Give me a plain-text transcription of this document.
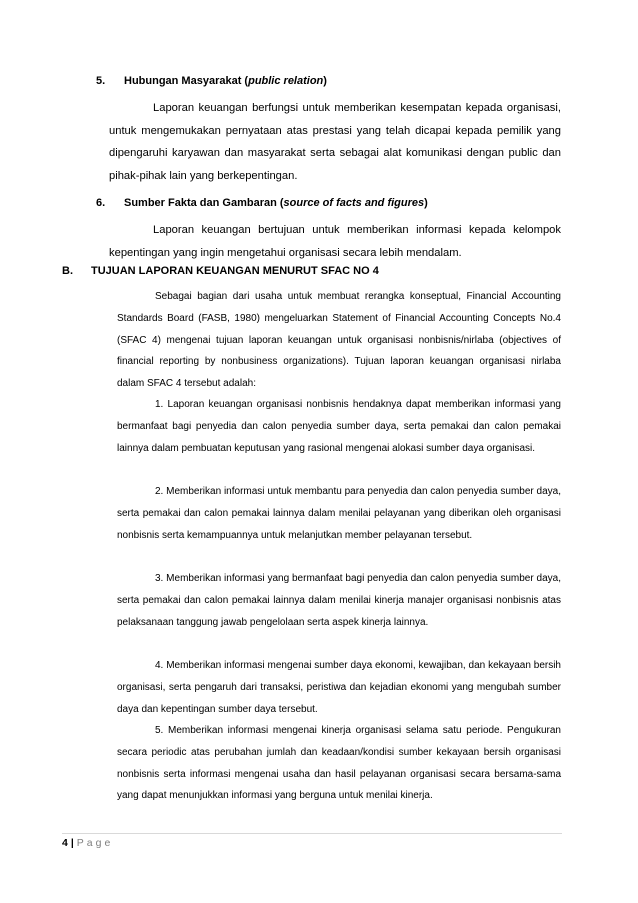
5. Hubungan Masyarakat (public relation)

Laporan keuangan berfungsi untuk memberikan kesempatan kepada organisasi, untuk mengemukakan pernyataan atas prestasi yang telah dicapai kepada pemilik yang dipengaruhi karyawan dan masyarakat serta sebagai alat komunikasi dengan public dan pihak-pihak lain yang berkepentingan.

6. Sumber Fakta dan Gambaran (source of facts and figures)

Laporan keuangan bertujuan untuk memberikan informasi kepada kelompok kepentingan yang ingin mengetahui organisasi secara lebih mendalam.

B. TUJUAN LAPORAN KEUANGAN MENURUT SFAC NO 4

Sebagai bagian dari usaha untuk membuat rerangka konseptual, Financial Accounting Standards Board (FASB, 1980) mengeluarkan Statement of Financial Accounting Concepts No.4 (SFAC 4) mengenai tujuan laporan keuangan untuk organisasi nonbisnis/nirlaba (objectives of financial reporting by nonbusiness organizations). Tujuan laporan keuangan organisasi nirlaba dalam SFAC 4 tersebut adalah:

1. Laporan keuangan organisasi nonbisnis hendaknya dapat memberikan informasi yang bermanfaat bagi penyedia dan calon penyedia sumber daya, serta pemakai dan calon pemakai lainnya dalam pembuatan keputusan yang rasional mengenai alokasi sumber daya organisasi.

2. Memberikan informasi untuk membantu para penyedia dan calon penyedia sumber daya, serta pemakai dan calon pemakai lainnya dalam menilai pelayanan yang diberikan oleh organisasi nonbisnis serta kemampuannya untuk melanjutkan member pelayanan tersebut.

3. Memberikan informasi yang bermanfaat bagi penyedia dan calon penyedia sumber daya, serta pemakai dan calon pemakai lainnya dalam menilai kinerja manajer organisasi nonbisnis atas pelaksanaan tanggung jawab pengelolaan serta aspek kinerja lainnya.

4. Memberikan informasi mengenai sumber daya ekonomi, kewajiban, dan kekayaan bersih organisasi, serta pengaruh dari transaksi, peristiwa dan kejadian ekonomi yang mengubah sumber daya dan kepentingan sumber daya tersebut.

5. Memberikan informasi mengenai kinerja organisasi selama satu periode. Pengukuran secara periodic atas perubahan jumlah dan keadaan/kondisi sumber kekayaan bersih organisasi nonbisnis serta informasi mengenai usaha dan hasil pelayanan organisasi secara bersama-sama yang dapat menunjukkan informasi yang berguna untuk menilai kinerja.

4 | Page
